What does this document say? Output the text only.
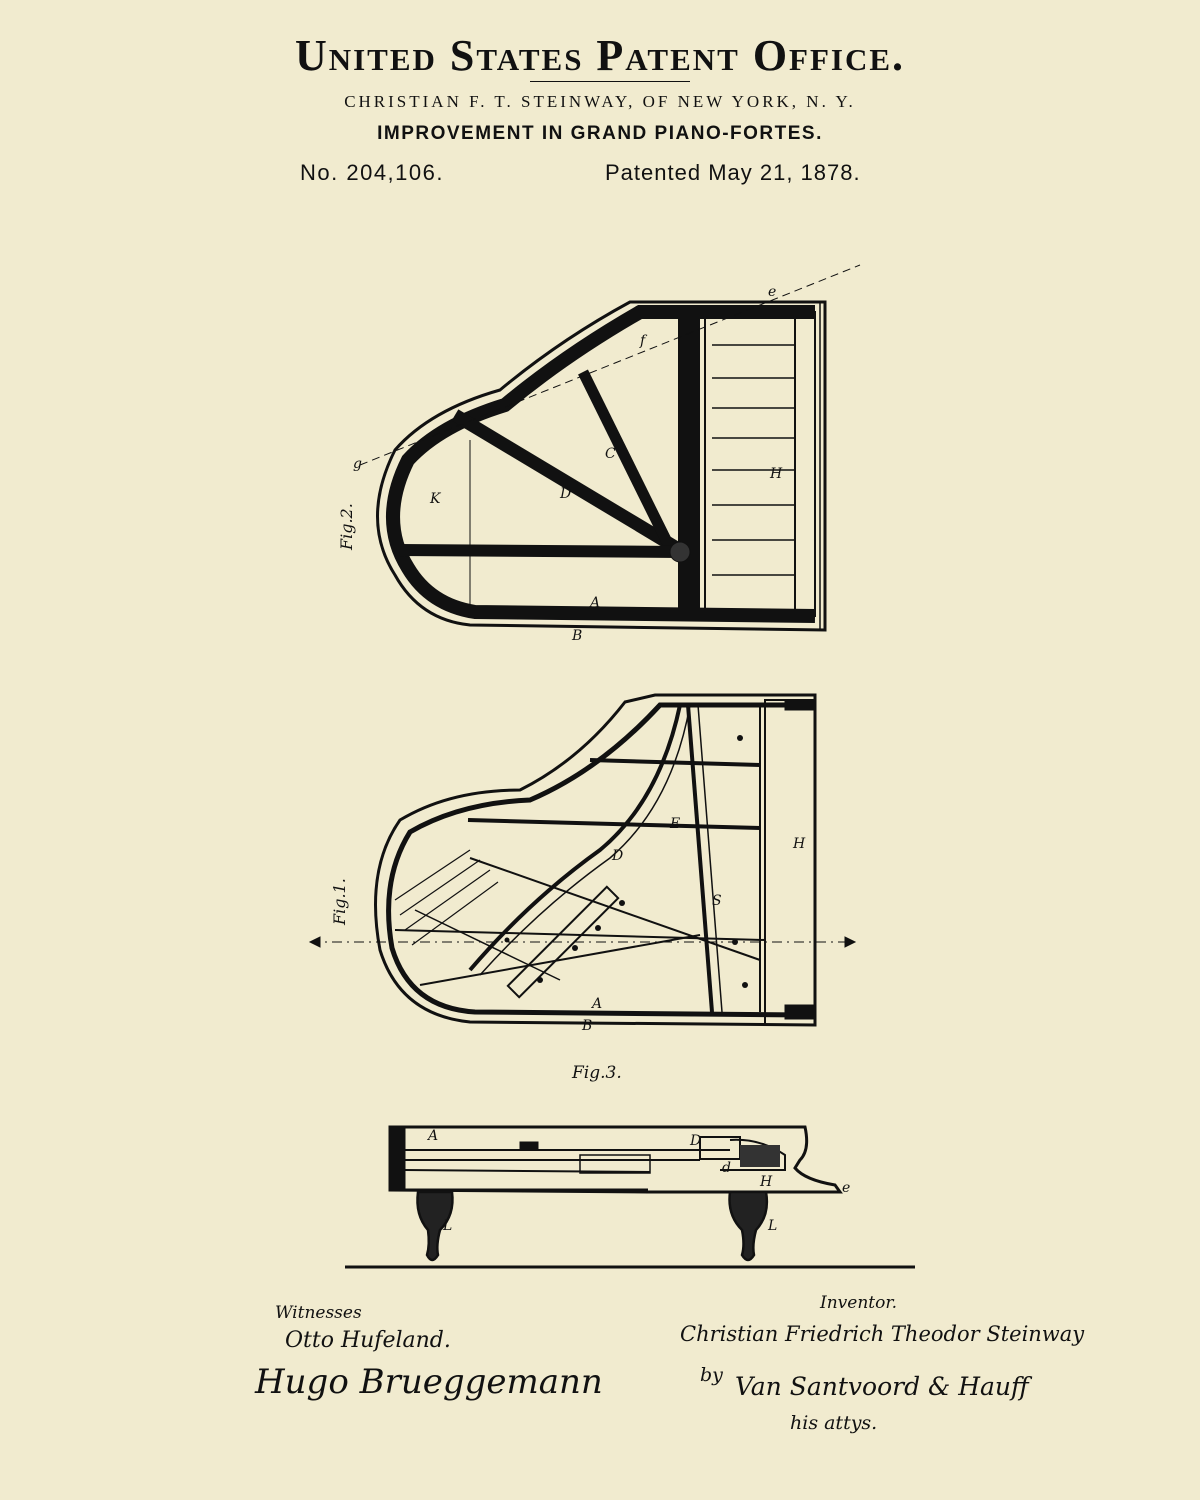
United States Patent Office.
CHRISTIAN F. T. STEINWAY, OF NEW YORK, N. Y.
IMPROVEMENT IN GRAND PIANO-FORTES.
No. 204,106.	Patented May 21, 1878.
Fig.2.
g
K	D
C
H
f
e
B
A
Fig.1.
H
E
D
S
B
A
Fig.3.
A	D
d
H	e
L	L
Witnesses
Otto Hufeland.
Hugo Brueggemann
Inventor.
Christian Friedrich Theodor Steinway
by Van Santvoord & Hauff
his attys.
